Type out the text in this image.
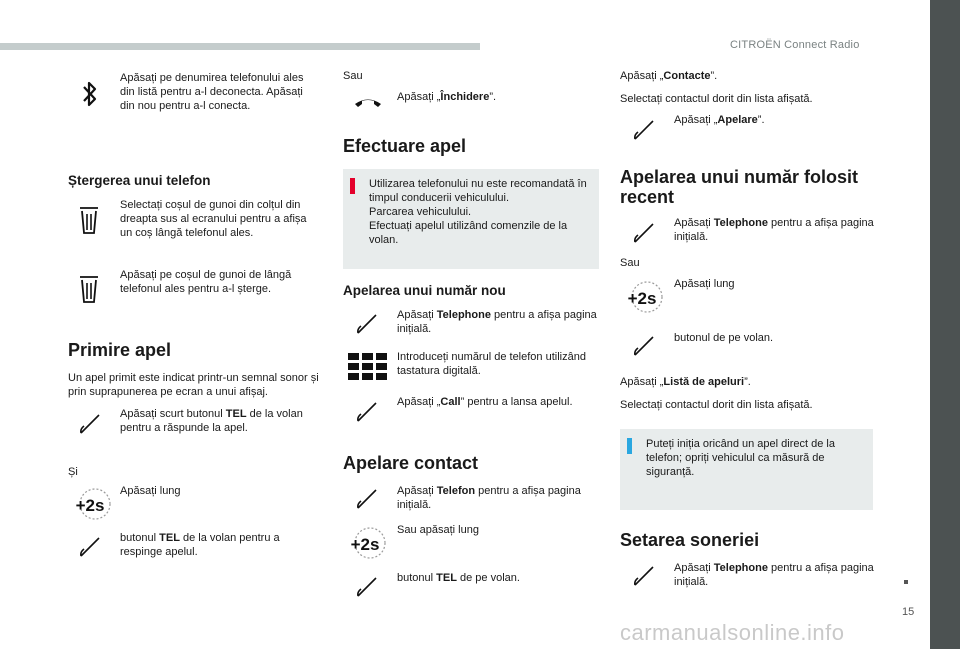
CITROËN Connect Radio
15
carmanualsonline.info
Apăsați pe denumirea telefonului ales din listă pentru a-l deconecta. Apăsați din nou pentru a-l conecta.
Ștergerea unui telefon
Selectați coșul de gunoi din colțul din dreapta sus al ecranului pentru a afișa un coș lângă telefonul ales.
Apăsați pe coșul de gunoi de lângă telefonul ales pentru a-l șterge.
Primire apel
Un apel primit este indicat printr-un semnal sonor și prin suprapunerea pe ecran a unui afișaj.
Apăsați scurt butonul TEL de la volan pentru a răspunde la apel.
Și
+2s
Apăsați lung
butonul TEL de la volan pentru a respinge apelul.
Sau
Apăsați „Închidere”.
Efectuare apel
Utilizarea telefonului nu este recomandată în timpul conducerii vehiculului.
Parcarea vehiculului.
Efectuați apelul utilizând comenzile de la volan.
Apelarea unui număr nou
Apăsați Telephone pentru a afișa pagina inițială.
Introduceți numărul de telefon utilizând tastatura digitală.
Apăsați „Call” pentru a lansa apelul.
Apelare contact
Apăsați Telefon pentru a afișa pagina inițială.
+2s
Sau apăsați lung
butonul TEL de pe volan.
Apăsați „Contacte”.
Selectați contactul dorit din lista afișată.
Apăsați „Apelare”.
Apelarea unui număr folosit recent
Apăsați Telephone pentru a afișa pagina inițială.
Sau
+2s
Apăsați lung
butonul de pe volan.
Apăsați „Listă de apeluri”.
Selectați contactul dorit din lista afișată.
Puteți iniția oricând un apel direct de la telefon; opriți vehiculul ca măsură de siguranță.
Setarea soneriei
Apăsați Telephone pentru a afișa pagina inițială.
